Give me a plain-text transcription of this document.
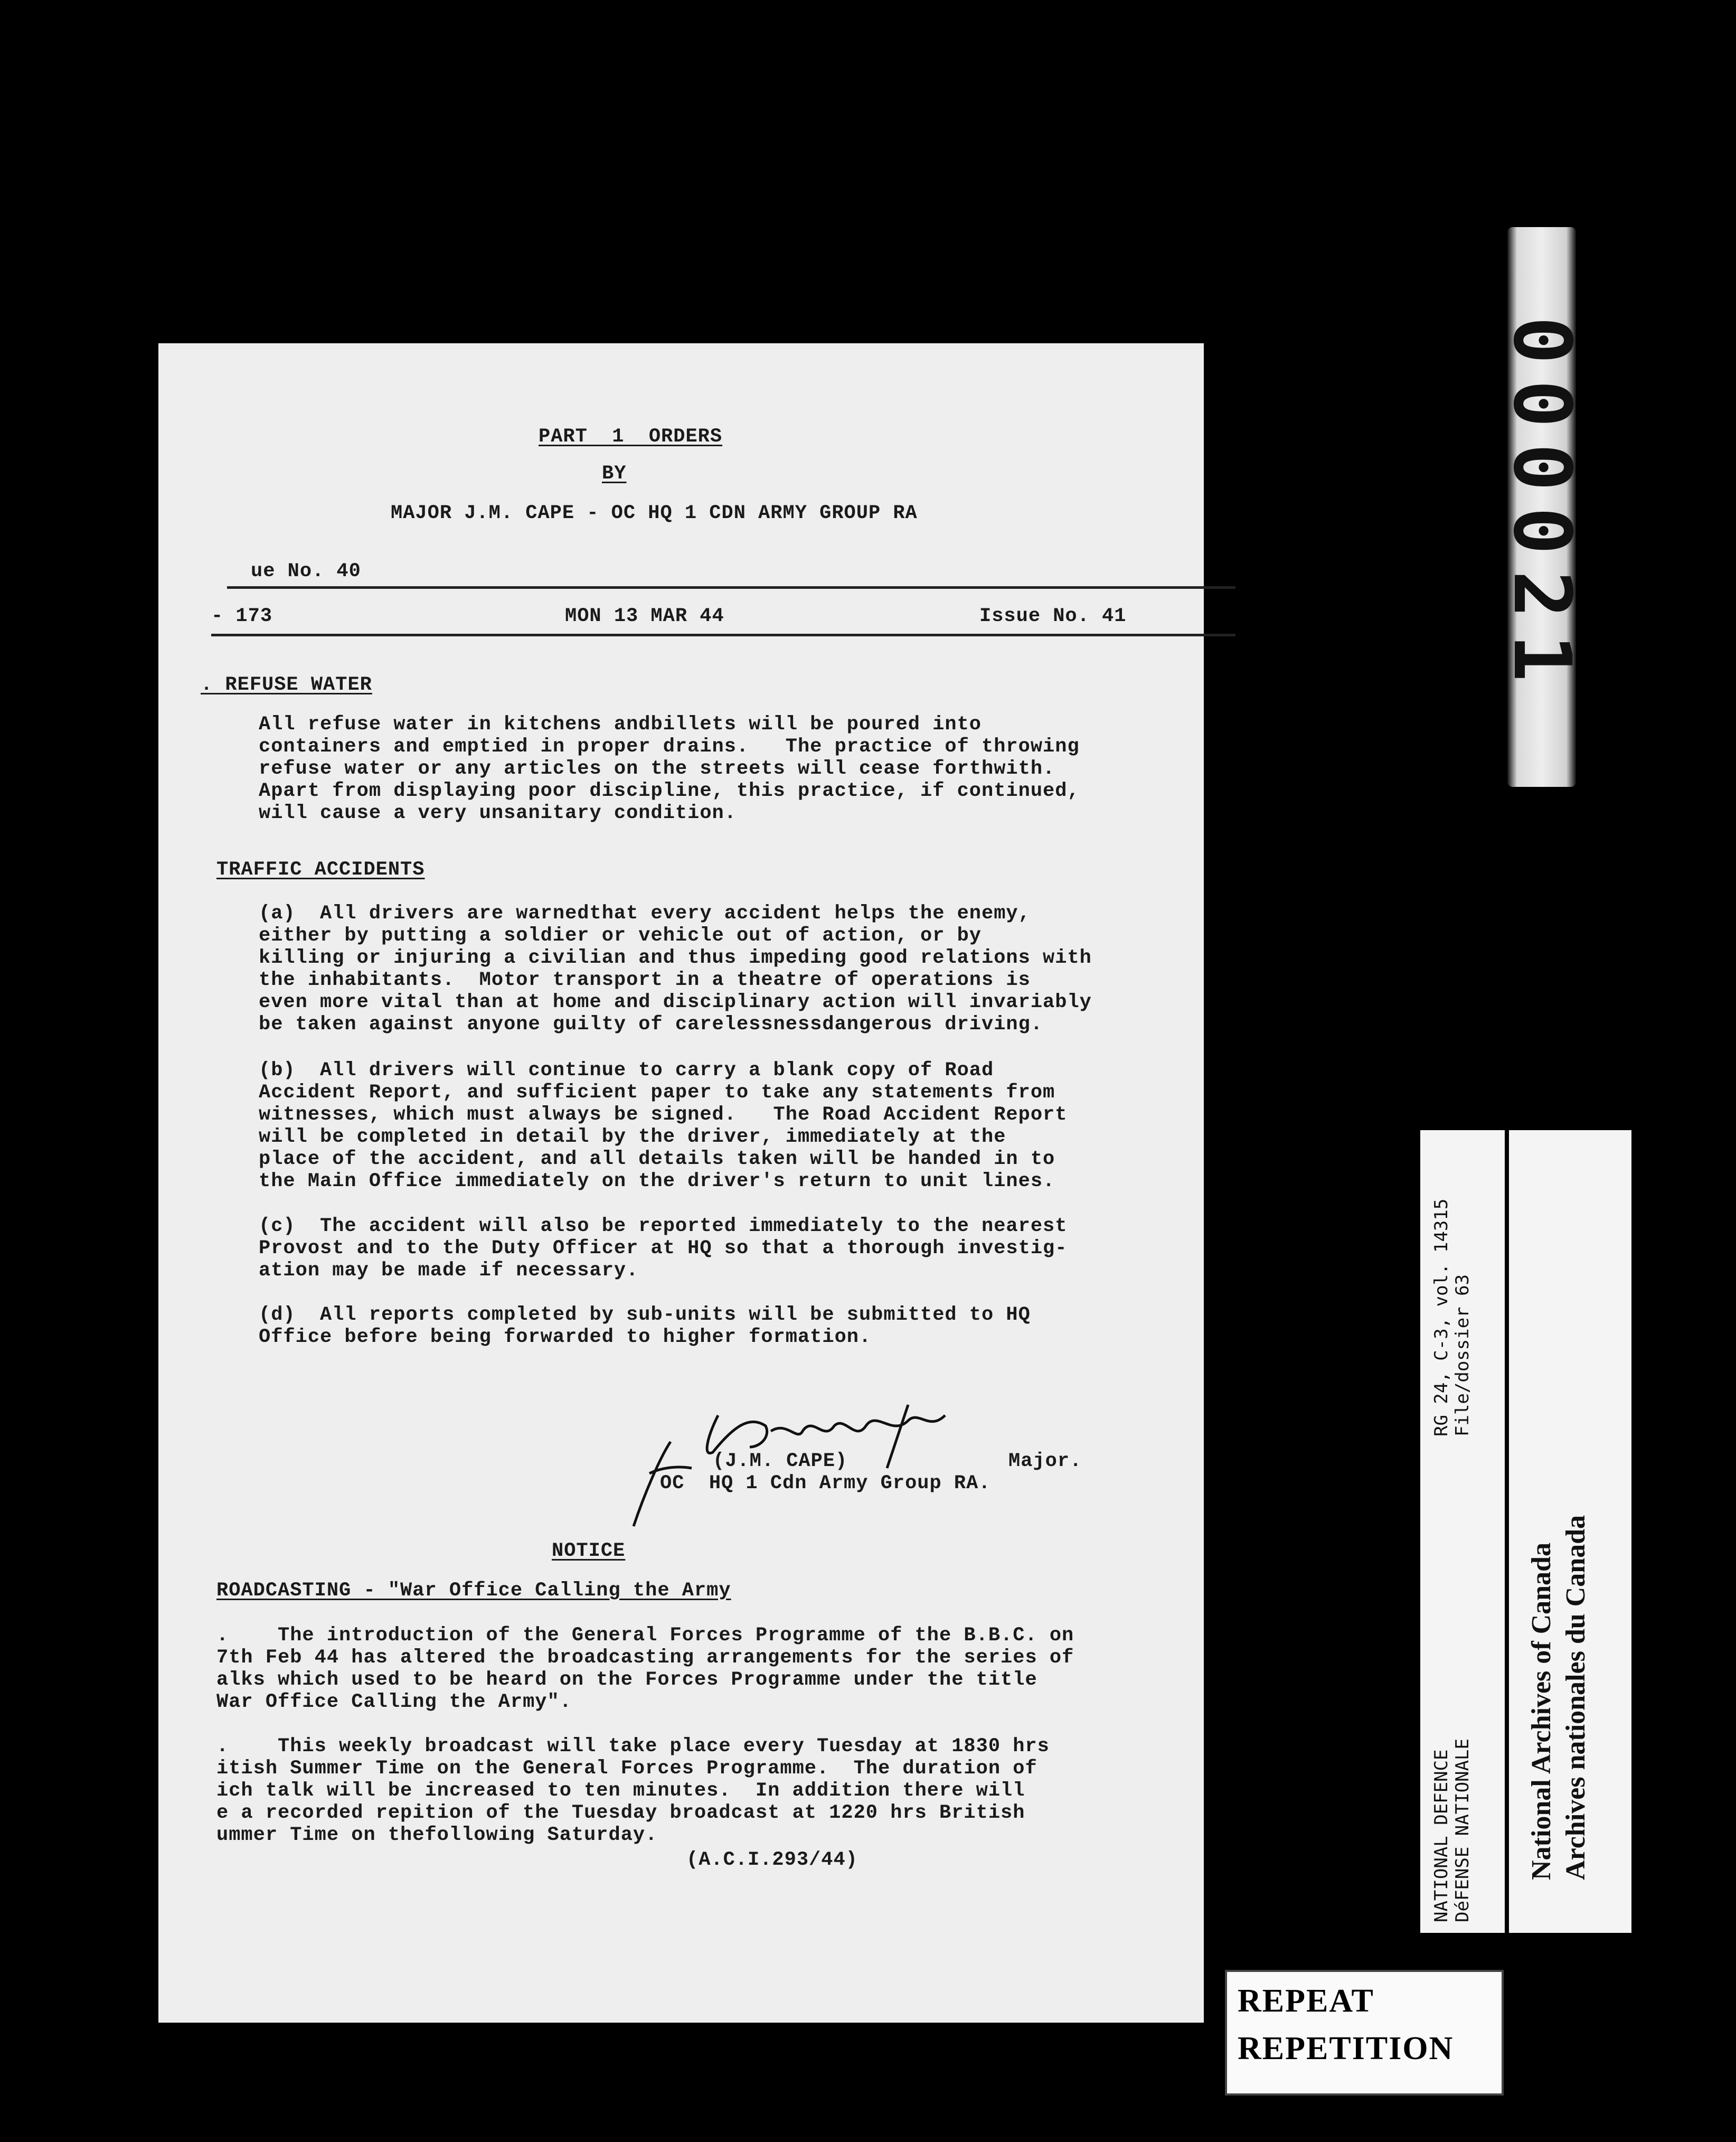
PART  1  ORDERS
BY
MAJOR J.M. CAPE - OC HQ 1 CDN ARMY GROUP RA
ue No. 40
- 173	MON 13 MAR 44	Issue No. 41
. REFUSE WATER
All refuse water in kitchens andbillets will be poured into
containers and emptied in proper drains.   The practice of throwing
refuse water or any articles on the streets will cease forthwith.
Apart from displaying poor discipline, this practice, if continued,
will cause a very unsanitary condition.
TRAFFIC ACCIDENTS
(a)  All drivers are warnedthat every accident helps the enemy,
either by putting a soldier or vehicle out of action, or by
killing or injuring a civilian and thus impeding good relations with
the inhabitants.  Motor transport in a theatre of operations is
even more vital than at home and disciplinary action will invariably
be taken against anyone guilty of carelessnessdangerous driving.
(b)  All drivers will continue to carry a blank copy of Road
Accident Report, and sufficient paper to take any statements from
witnesses, which must always be signed.   The Road Accident Report
will be completed in detail by the driver, immediately at the
place of the accident, and all details taken will be handed in to
the Main Office immediately on the driver's return to unit lines.
(c)  The accident will also be reported immediately to the nearest
Provost and to the Duty Officer at HQ so that a thorough investig-
ation may be made if necessary.
(d)  All reports completed by sub-units will be submitted to HQ
Office before being forwarded to higher formation.
(J.M. CAPE)	Major.
OC  HQ 1 Cdn Army Group RA.
NOTICE
ROADCASTING - "War Office Calling the Army
.    The introduction of the General Forces Programme of the B.B.C. on
7th Feb 44 has altered the broadcasting arrangements for the series of
alks which used to be heard on the Forces Programme under the title
War Office Calling the Army".
.    This weekly broadcast will take place every Tuesday at 1830 hrs
itish Summer Time on the General Forces Programme.  The duration of
ich talk will be increased to ten minutes.  In addition there will
e a recorded repition of the Tuesday broadcast at 1220 hrs British
ummer Time on thefollowing Saturday.
(A.C.I.293/44)
000021
RG 24, C-3, vol. 14315 File/dossier 63
NATIONAL DEFENCE DéFENSE NATIONALE National Archives of Canada Archives nationales du Canada
REPEAT
REPETITION
